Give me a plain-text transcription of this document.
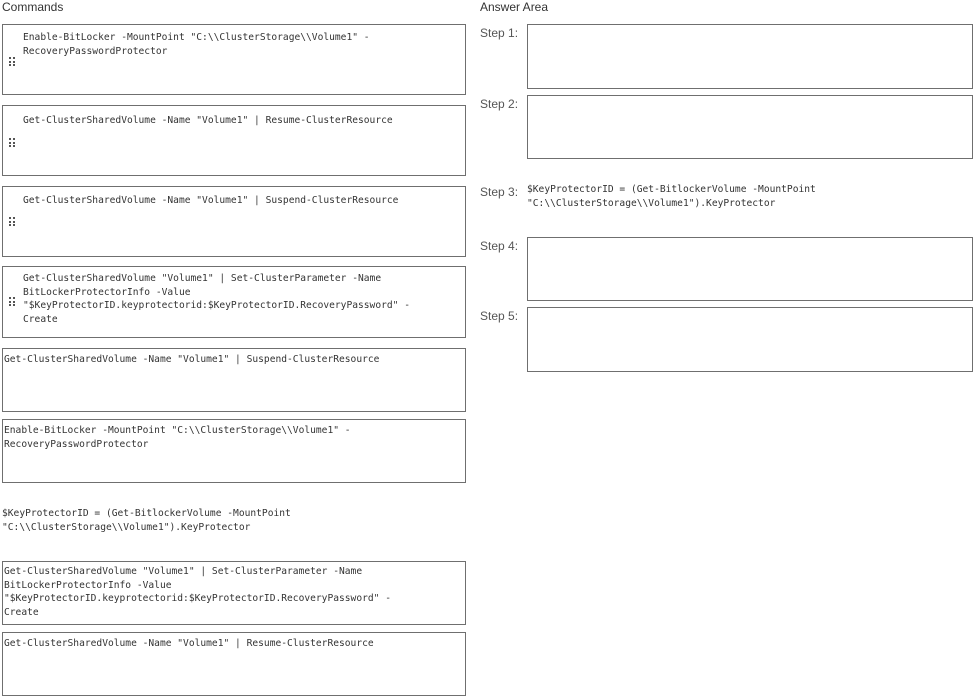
Commands	Answer Area
Enable-BitLocker -MountPoint "C:\\ClusterStorage\\Volume1" -
RecoveryPasswordProtector
Get-ClusterSharedVolume -Name "Volume1" | Resume-ClusterResource
Get-ClusterSharedVolume -Name "Volume1" | Suspend-ClusterResource
Get-ClusterSharedVolume "Volume1" | Set-ClusterParameter -Name
BitLockerProtectorInfo -Value
"$KeyProtectorID.keyprotectorid:$KeyProtectorID.RecoveryPassword" -
Create
Get-ClusterSharedVolume -Name "Volume1" | Suspend-ClusterResource
Enable-BitLocker -MountPoint "C:\\ClusterStorage\\Volume1" -
RecoveryPasswordProtector
$KeyProtectorID = (Get-BitlockerVolume -MountPoint
"C:\\ClusterStorage\\Volume1").KeyProtector
Get-ClusterSharedVolume "Volume1" | Set-ClusterParameter -Name
BitLockerProtectorInfo -Value
"$KeyProtectorID.keyprotectorid:$KeyProtectorID.RecoveryPassword" -
Create
Get-ClusterSharedVolume -Name "Volume1" | Resume-ClusterResource
Step 1:
Step 2:
Step 3: $KeyProtectorID = (Get-BitlockerVolume -MountPoint
"C:\\ClusterStorage\\Volume1").KeyProtector
Step 4:
Step 5:
